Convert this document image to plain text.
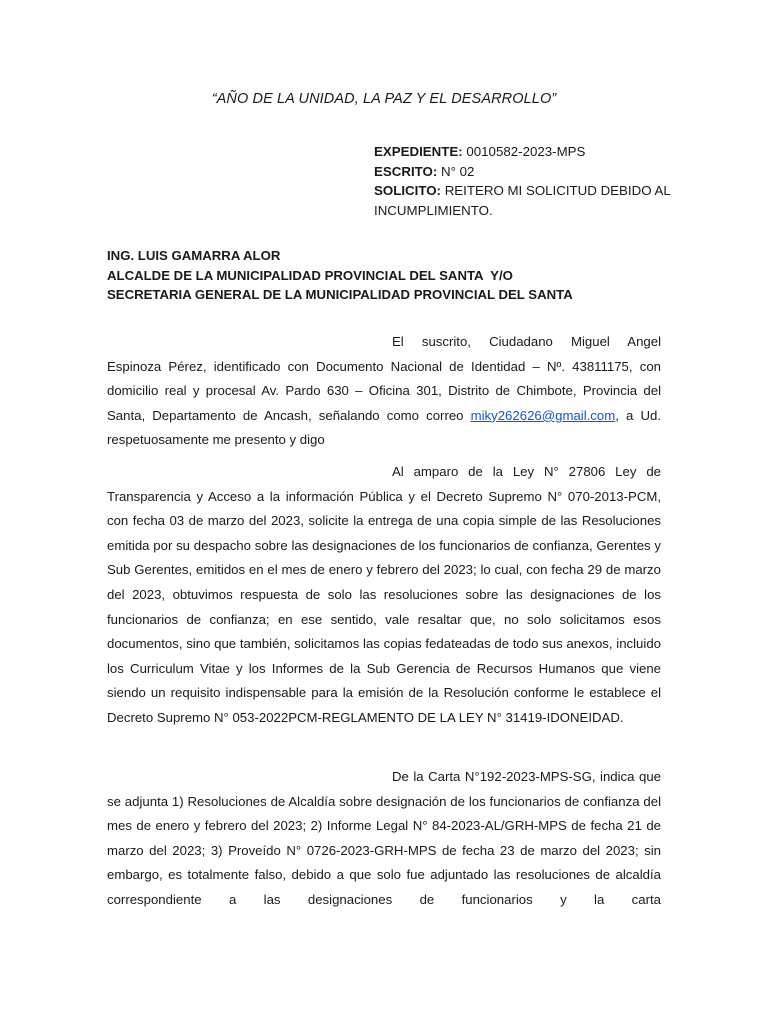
“AÑO DE LA UNIDAD, LA PAZ Y EL DESARROLLO”
EXPEDIENTE: 0010582-2023-MPS
ESCRITO: N° 02
SOLICITO: REITERO MI SOLICITUD DEBIDO AL INCUMPLIMIENTO.
ING. LUIS GAMARRA ALOR
ALCALDE DE LA MUNICIPALIDAD PROVINCIAL DEL SANTA  Y/O
SECRETARIA GENERAL DE LA MUNICIPALIDAD PROVINCIAL DEL SANTA

El suscrito, Ciudadano Miguel Angel Espinoza Pérez, identificado con Documento Nacional de Identidad – Nº. 43811175, con domicilio real y procesal Av. Pardo 630 – Oficina 301, Distrito de Chimbote, Provincia del Santa, Departamento de Ancash, señalando como correo miky262626@gmail.com, a Ud. respetuosamente me presento y digo

Al amparo de la Ley N° 27806 Ley de Transparencia y Acceso a la información Pública y el Decreto Supremo N° 070-2013-PCM, con fecha 03 de marzo del 2023, solicite la entrega de una copia simple de las Resoluciones emitida por su despacho sobre las designaciones de los funcionarios de confianza, Gerentes y Sub Gerentes, emitidos en el mes de enero y febrero del 2023; lo cual, con fecha 29 de marzo del 2023, obtuvimos respuesta de solo las resoluciones sobre las designaciones de los funcionarios de confianza; en ese sentido, vale resaltar que, no solo solicitamos esos documentos, sino que también, solicitamos las copias fedateadas de todo sus anexos, incluido los Curriculum Vitae y los Informes de la Sub Gerencia de Recursos Humanos que viene siendo un requisito indispensable para la emisión de la Resolución conforme le establece el Decreto Supremo N° 053-2022PCM-REGLAMENTO DE LA LEY N° 31419-IDONEIDAD.

De la Carta N°192-2023-MPS-SG, indica que se adjunta 1) Resoluciones de Alcaldía sobre designación de los funcionarios de confianza del mes de enero y febrero del 2023; 2) Informe Legal N° 84-2023-AL/GRH-MPS de fecha 21 de marzo del 2023; 3) Proveído N° 0726-2023-GRH-MPS de fecha 23 de marzo del 2023; sin embargo, es totalmente falso, debido a que solo fue adjuntado las resoluciones de alcaldía correspondiente a las designaciones de funcionarios y la carta
